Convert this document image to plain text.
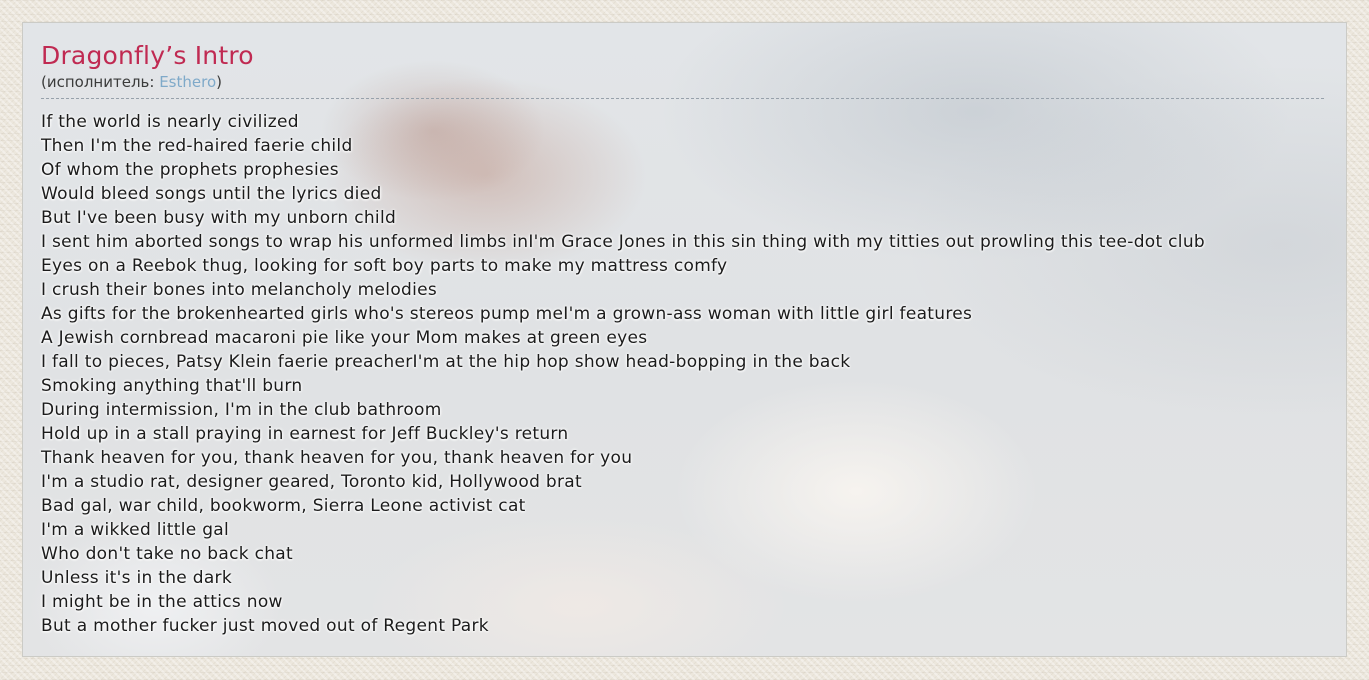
Dragonfly’s Intro
(исполнитель: Esthero)
If the world is nearly civilized
Then I'm the red-haired faerie child
Of whom the prophets prophesies
Would bleed songs until the lyrics died
But I've been busy with my unborn child
I sent him aborted songs to wrap his unformed limbs inI'm Grace Jones in this sin thing with my titties out prowling this tee-dot club
Eyes on a Reebok thug, looking for soft boy parts to make my mattress comfy
I crush their bones into melancholy melodies
As gifts for the brokenhearted girls who's stereos pump meI'm a grown-ass woman with little girl features
A Jewish cornbread macaroni pie like your Mom makes at green eyes
I fall to pieces, Patsy Klein faerie preacherI'm at the hip hop show head-bopping in the back
Smoking anything that'll burn
During intermission, I'm in the club bathroom
Hold up in a stall praying in earnest for Jeff Buckley's return
Thank heaven for you, thank heaven for you, thank heaven for you
I'm a studio rat, designer geared, Toronto kid, Hollywood brat
Bad gal, war child, bookworm, Sierra Leone activist cat
I'm a wikked little gal
Who don't take no back chat
Unless it's in the dark
I might be in the attics now
But a mother fucker just moved out of Regent Park
